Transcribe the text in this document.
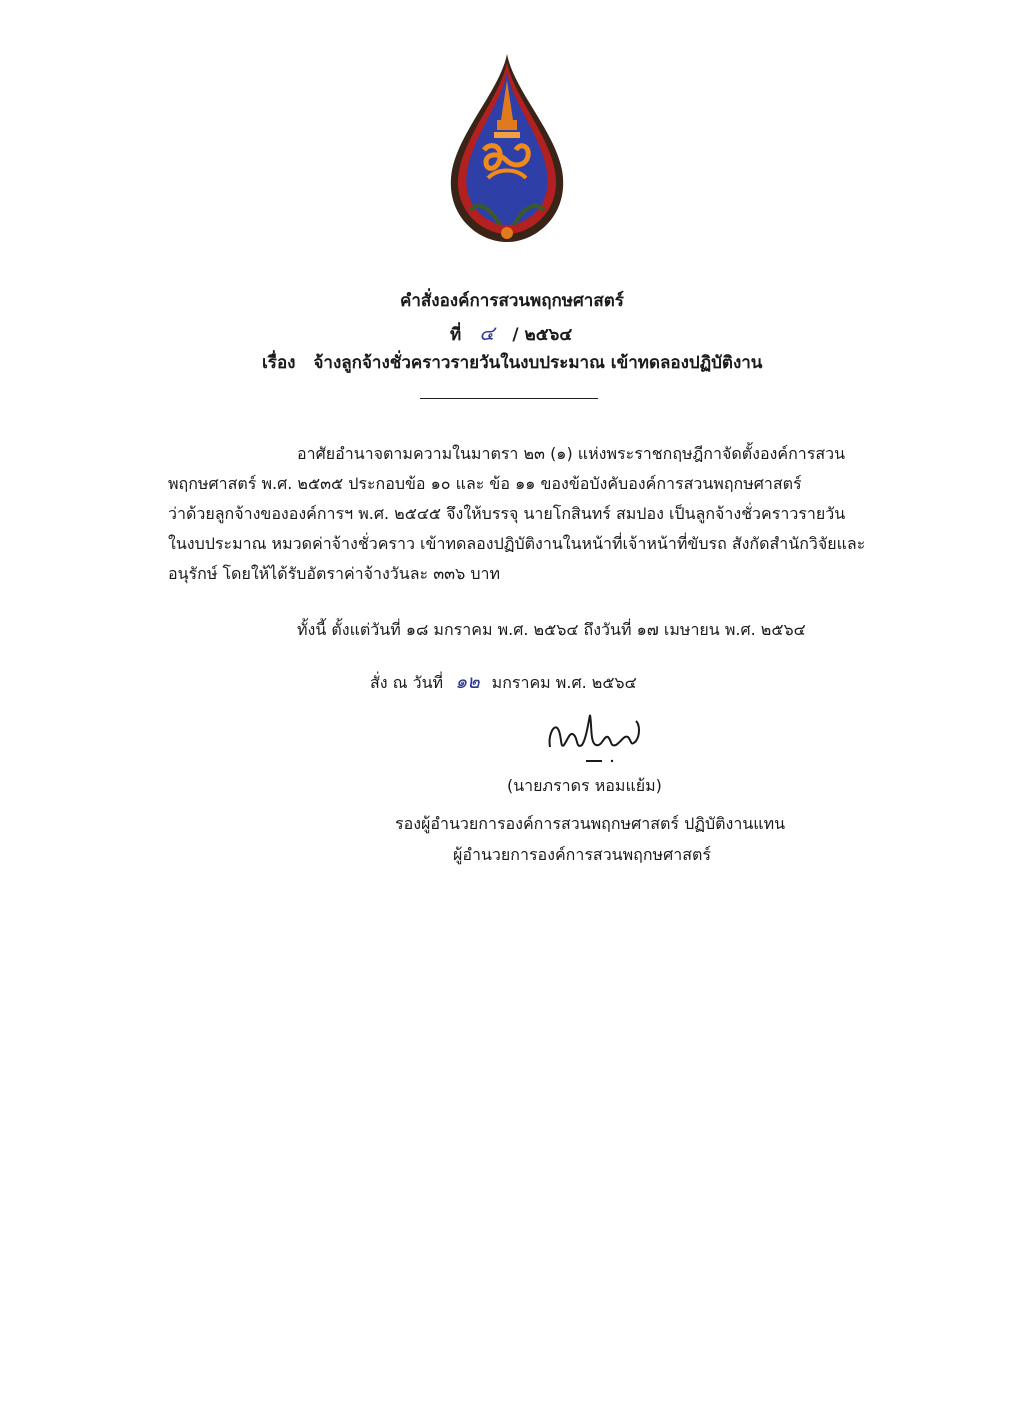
คำสั่งองค์การสวนพฤกษศาสตร์
ที่ ๔ / ๒๕๖๔
เรื่อง จ้างลูกจ้างชั่วคราวรายวันในงบประมาณ เข้าทดลองปฏิบัติงาน
อาศัยอำนาจตามความในมาตรา ๒๓ (๑) แห่งพระราชกฤษฎีกาจัดตั้งองค์การสวน
พฤกษศาสตร์ พ.ศ. ๒๕๓๕ ประกอบข้อ ๑๐ และ ข้อ ๑๑ ของข้อบังคับองค์การสวนพฤกษศาสตร์
ว่าด้วยลูกจ้างขององค์การฯ พ.ศ. ๒๕๔๕ จึงให้บรรจุ นายโกสินทร์ สมปอง เป็นลูกจ้างชั่วคราวรายวัน
ในงบประมาณ หมวดค่าจ้างชั่วคราว เข้าทดลองปฏิบัติงานในหน้าที่เจ้าหน้าที่ขับรถ สังกัดสำนักวิจัยและ
อนุรักษ์ โดยให้ได้รับอัตราค่าจ้างวันละ ๓๓๖ บาท
ทั้งนี้ ตั้งแต่วันที่ ๑๘ มกราคม พ.ศ. ๒๕๖๔ ถึงวันที่ ๑๗ เมษายน พ.ศ. ๒๕๖๔
สั่ง ณ วันที่ ๑๒ มกราคม พ.ศ. ๒๕๖๔
(นายภราดร หอมแย้ม)
รองผู้อำนวยการองค์การสวนพฤกษศาสตร์ ปฏิบัติงานแทน
ผู้อำนวยการองค์การสวนพฤกษศาสตร์
